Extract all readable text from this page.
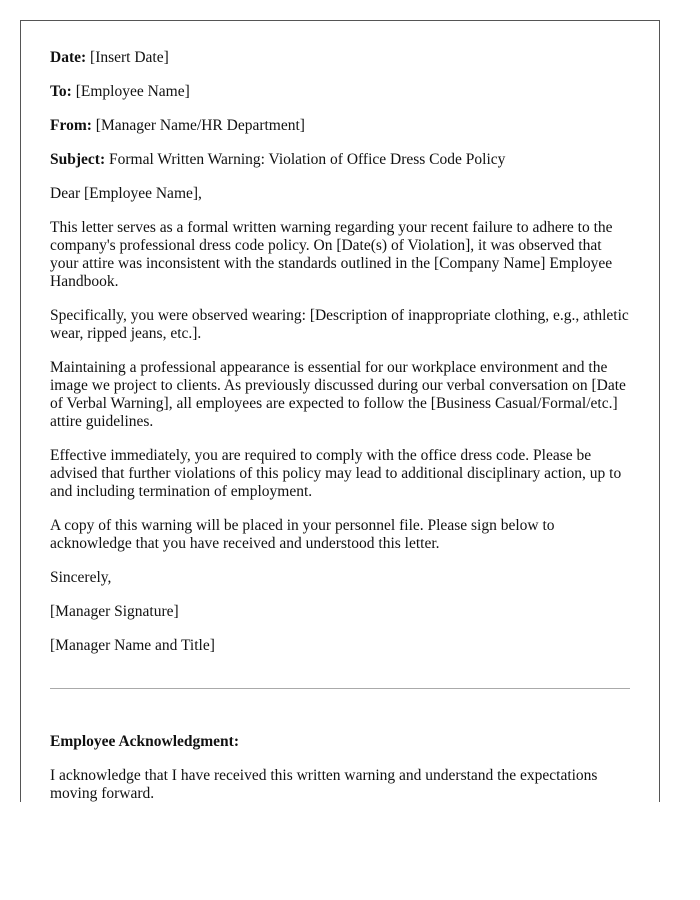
Date: [Insert Date]

To: [Employee Name]

From: [Manager Name/HR Department]

Subject: Formal Written Warning: Violation of Office Dress Code Policy

Dear [Employee Name],

This letter serves as a formal written warning regarding your recent failure to adhere to the company's professional dress code policy. On [Date(s) of Violation], it was observed that your attire was inconsistent with the standards outlined in the [Company Name] Employee Handbook.

Specifically, you were observed wearing: [Description of inappropriate clothing, e.g., athletic wear, ripped jeans, etc.].

Maintaining a professional appearance is essential for our workplace environment and the image we project to clients. As previously discussed during our verbal conversation on [Date of Verbal Warning], all employees are expected to follow the [Business Casual/Formal/etc.] attire guidelines.

Effective immediately, you are required to comply with the office dress code. Please be advised that further violations of this policy may lead to additional disciplinary action, up to and including termination of employment.

A copy of this warning will be placed in your personnel file. Please sign below to acknowledge that you have received and understood this letter.

Sincerely,

[Manager Signature]

[Manager Name and Title]

Employee Acknowledgment:

I acknowledge that I have received this written warning and understand the expectations moving forward.
